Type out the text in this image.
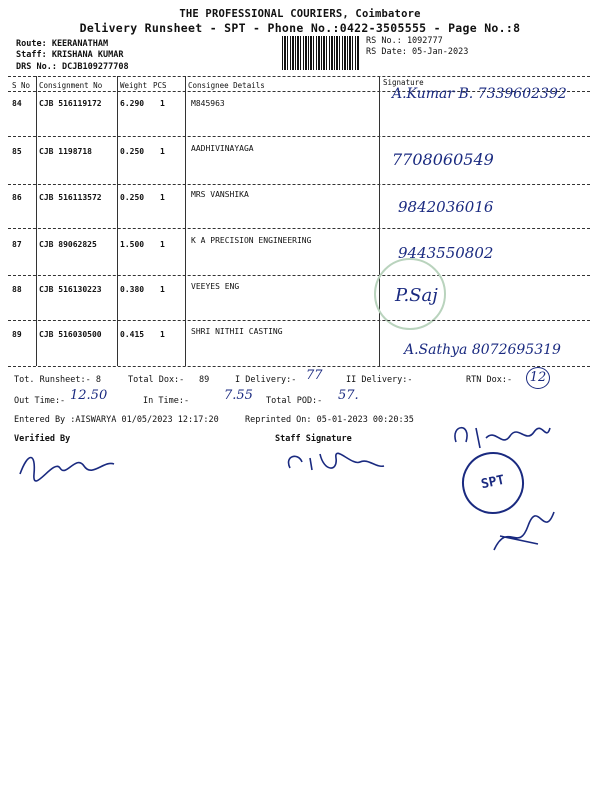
THE PROFESSIONAL COURIERS, Coimbatore
Delivery Runsheet - SPT - Phone No.:0422-3505555 - Page No.:8
Route: KEERANATHAM
Staff: KRISHANA KUMAR
DRS No.: DCJB109277708
RS No.: 1092777
RS Date: 05-Jan-2023
S No Consignment No Weight PCS	Consignee Details	Signature
84 CJB 516119172 6.290 1	M845963
A.Kumar B. 7339602392
85 CJB 1198718	0.250 1	AADHIVINAYAGA
7708060549
86 CJB 516113572 0.250 1	MRS VANSHIKA
9842036016
87 CJB 89062825	1.500 1	K A PRECISION ENGINEERING
9443550802
88 CJB 516130223 0.380 1	VEEYES ENG	P.Saj
89 CJB 516030500 0.415 1	SHRI NITHII CASTING
A.Sathya 8072695319
Tot. Runsheet:- 8	Total Dox:- 89	I Delivery:- 77	II Delivery:-	RTN Dox:- 12
Out Time:- 12.50	In Time:-	7.55 Total POD:- 57.
Entered By :AISWARYA 01/05/2023 12:17:20	Reprinted On: 05-01-2023 00:20:35
Verified By	Staff Signature
SPT
